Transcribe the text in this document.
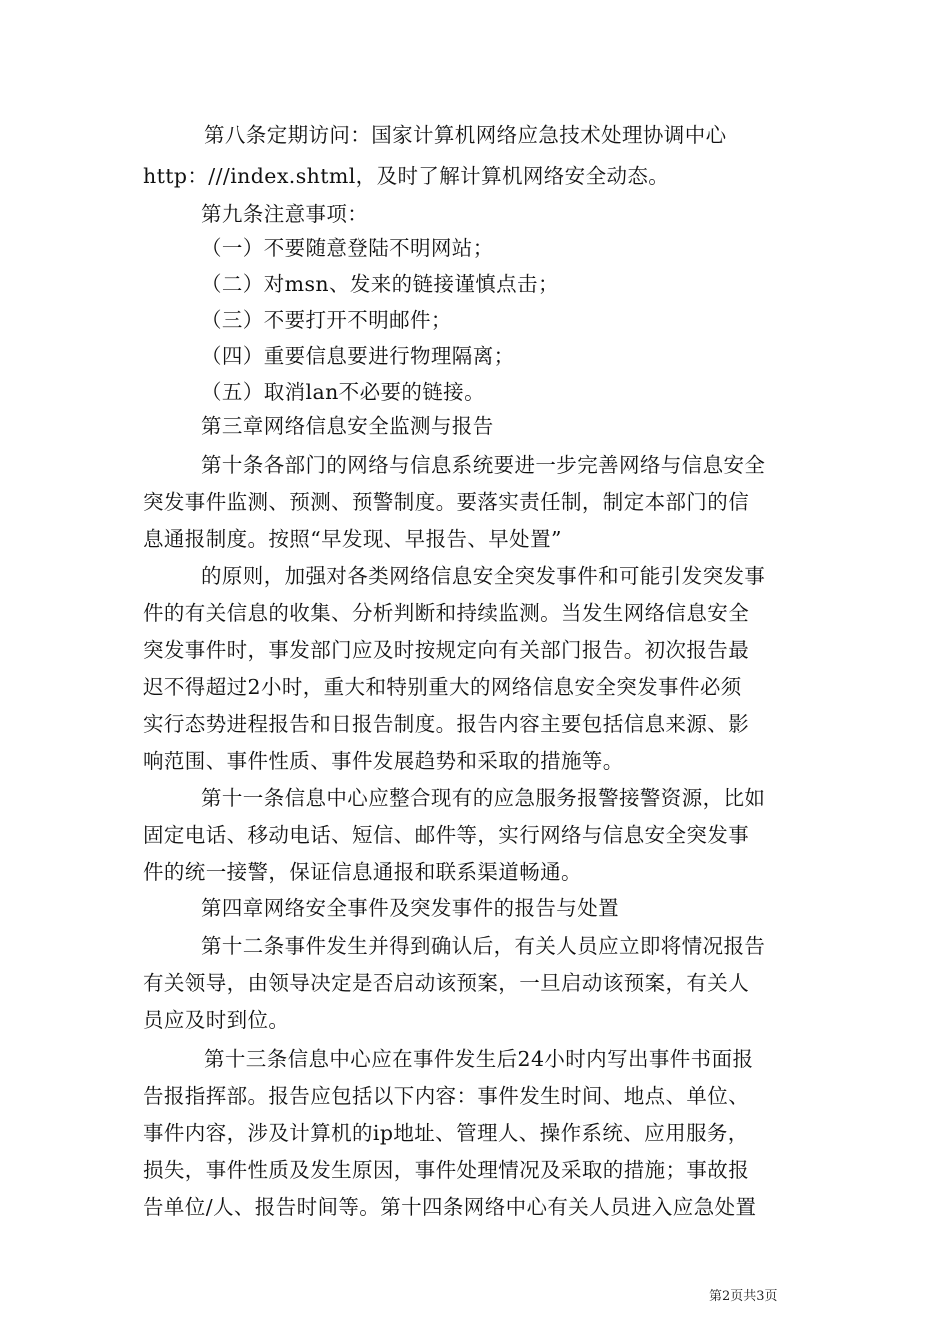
第八条定期访问：国家计算机网络应急技术处理协调中心
http：///index.shtml，及时了解计算机网络安全动态。
第九条注意事项：
（一）不要随意登陆不明网站；
（二）对msn、发来的链接谨慎点击；
（三）不要打开不明邮件；
（四）重要信息要进行物理隔离；
（五）取消lan不必要的链接。
第三章网络信息安全监测与报告
第十条各部门的网络与信息系统要进一步完善网络与信息安全
突发事件监测、预测、预警制度。要落实责任制，制定本部门的信
息通报制度。按照“早发现、早报告、早处置”
的原则，加强对各类网络信息安全突发事件和可能引发突发事
件的有关信息的收集、分析判断和持续监测。当发生网络信息安全
突发事件时，事发部门应及时按规定向有关部门报告。初次报告最
迟不得超过2小时，重大和特别重大的网络信息安全突发事件必须
实行态势进程报告和日报告制度。报告内容主要包括信息来源、影
响范围、事件性质、事件发展趋势和采取的措施等。
第十一条信息中心应整合现有的应急服务报警接警资源，比如
固定电话、移动电话、短信、邮件等，实行网络与信息安全突发事
件的统一接警，保证信息通报和联系渠道畅通。
第四章网络安全事件及突发事件的报告与处置
第十二条事件发生并得到确认后，有关人员应立即将情况报告
有关领导，由领导决定是否启动该预案，一旦启动该预案，有关人
员应及时到位。
第十三条信息中心应在事件发生后24小时内写出事件书面报
告报指挥部。报告应包括以下内容：事件发生时间、地点、单位、
事件内容，涉及计算机的ip地址、管理人、操作系统、应用服务，
损失，事件性质及发生原因，事件处理情况及采取的措施；事故报
告单位/人、报告时间等。第十四条网络中心有关人员进入应急处置
第2页共3页
